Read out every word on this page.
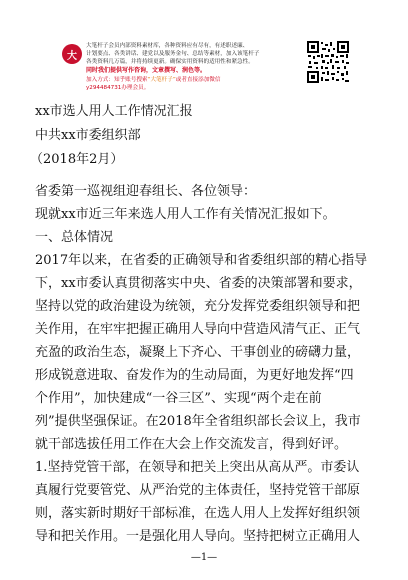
大
大笔杆子会员内部资料素材库，各种资料应有尽有，有述职述廉、
计划要点、各类讲话、建党以及服务金句、总结等素材，加入该笔杆子
各类资料几万篇，并将持续更新。确保实用资料的适用性和紧急性。
同时我们提供写作咨询，文章撰写、润色等。
加入方式：知乎账号搜索“大笔杆子”或者直接添加微信
y294484731办理会员。
xx市选人用人工作情况汇报
中共xx市委组织部
（2018年2月）
省委第一巡视组迎春组长、各位领导：
现就xx市近三年来选人用人工作有关情况汇报如下。
一、总体情况
2017年以来，在省委的正确领导和省委组织部的精心指导
下，xx市委认真贯彻落实中央、省委的决策部署和要求，
坚持以党的政治建设为统领，充分发挥党委组织领导和把
关作用，在牢牢把握正确用人导向中营造风清气正、正气
充盈的政治生态，凝聚上下齐心、干事创业的磅礴力量，
形成锐意进取、奋发作为的生动局面，为更好地发挥“四
个作用”，加快建成“一谷三区”、实现“两个走在前
列”提供坚强保证。在2018年全省组织部长会议上，我市
就干部选拔任用工作在大会上作交流发言，得到好评。
1.坚持党管干部，在领导和把关上突出从高从严。市委认
真履行党要管党、从严治党的主体责任，坚持党管干部原
则，落实新时期好干部标准，在选人用人上发挥好组织领
导和把关作用。一是强化用人导向。坚持把树立正确用人
—1—
